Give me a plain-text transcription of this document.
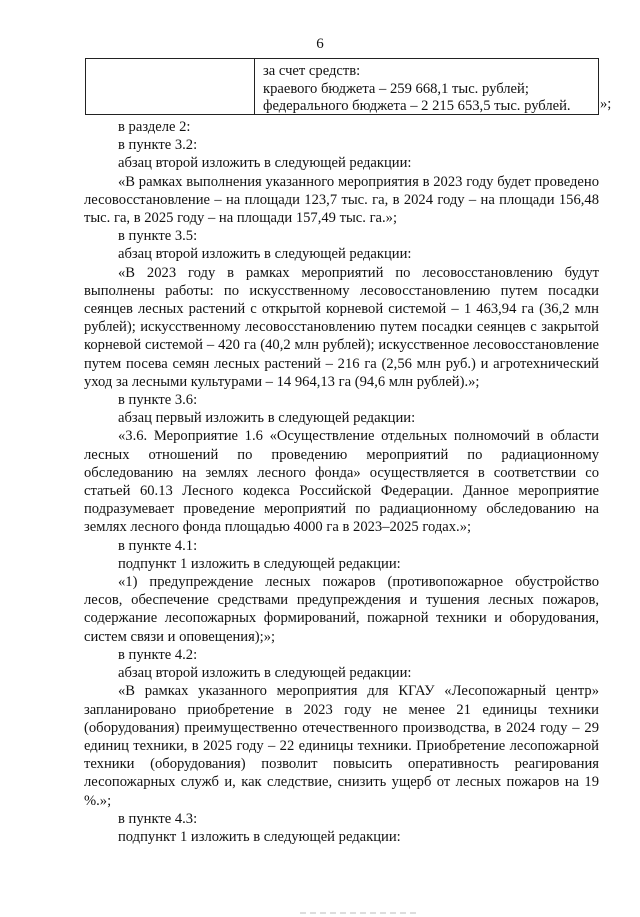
6
за счет средств:
краевого бюджета – 259 668,1 тыс. рублей;
федерального бюджета – 2 215 653,5 тыс. рублей.	»;

в разделе 2:

в пункте 3.2:

абзац второй изложить в следующей редакции:

«В рамках выполнения указанного мероприятия в 2023 году будет проведено лесовосстановление – на площади 123,7 тыс. га, в 2024 году – на площади 156,48 тыс. га, в 2025 году – на площади 157,49 тыс. га.»;

в пункте 3.5:

абзац второй изложить в следующей редакции:

«В 2023 году в рамках мероприятий по лесовосстановлению будут выполнены работы: по искусственному лесовосстановлению путем посадки сеянцев лесных растений с открытой корневой системой – 1 463,94 га (36,2 млн рублей); искусственному лесовосстановлению путем посадки сеянцев с закрытой корневой системой – 420 га (40,2 млн рублей); искусственное лесовосстановление путем посева семян лесных растений – 216 га (2,56 млн руб.) и агротехнический уход за лесными культурами – 14 964,13 га (94,6 млн рублей).»;

в пункте 3.6:

абзац первый изложить в следующей редакции:

«3.6. Мероприятие 1.6 «Осуществление отдельных полномочий в области лесных отношений по проведению мероприятий по радиационному обследованию на землях лесного фонда» осуществляется в соответствии со статьей 60.13 Лесного кодекса Российской Федерации. Данное мероприятие подразумевает проведение мероприятий по радиационному обследованию на землях лесного фонда площадью 4000 га в 2023–2025 годах.»;

в пункте 4.1:

подпункт 1 изложить в следующей редакции:

«1) предупреждение лесных пожаров (противопожарное обустройство лесов, обеспечение средствами предупреждения и тушения лесных пожаров, содержание лесопожарных формирований, пожарной техники и оборудования, систем связи и оповещения);»;

в пункте 4.2:

абзац второй изложить в следующей редакции:

«В рамках указанного мероприятия для КГАУ «Лесопожарный центр» запланировано приобретение в 2023 году не менее 21 единицы техники (оборудования) преимущественно отечественного производства, в 2024 году – 29 единиц техники, в 2025 году – 22 единицы техники. Приобретение лесопожарной техники (оборудования) позволит повысить оперативность реагирования лесопожарных служб и, как следствие, снизить ущерб от лесных пожаров на 19 %.»;

в пункте 4.3:

подпункт 1 изложить в следующей редакции:
